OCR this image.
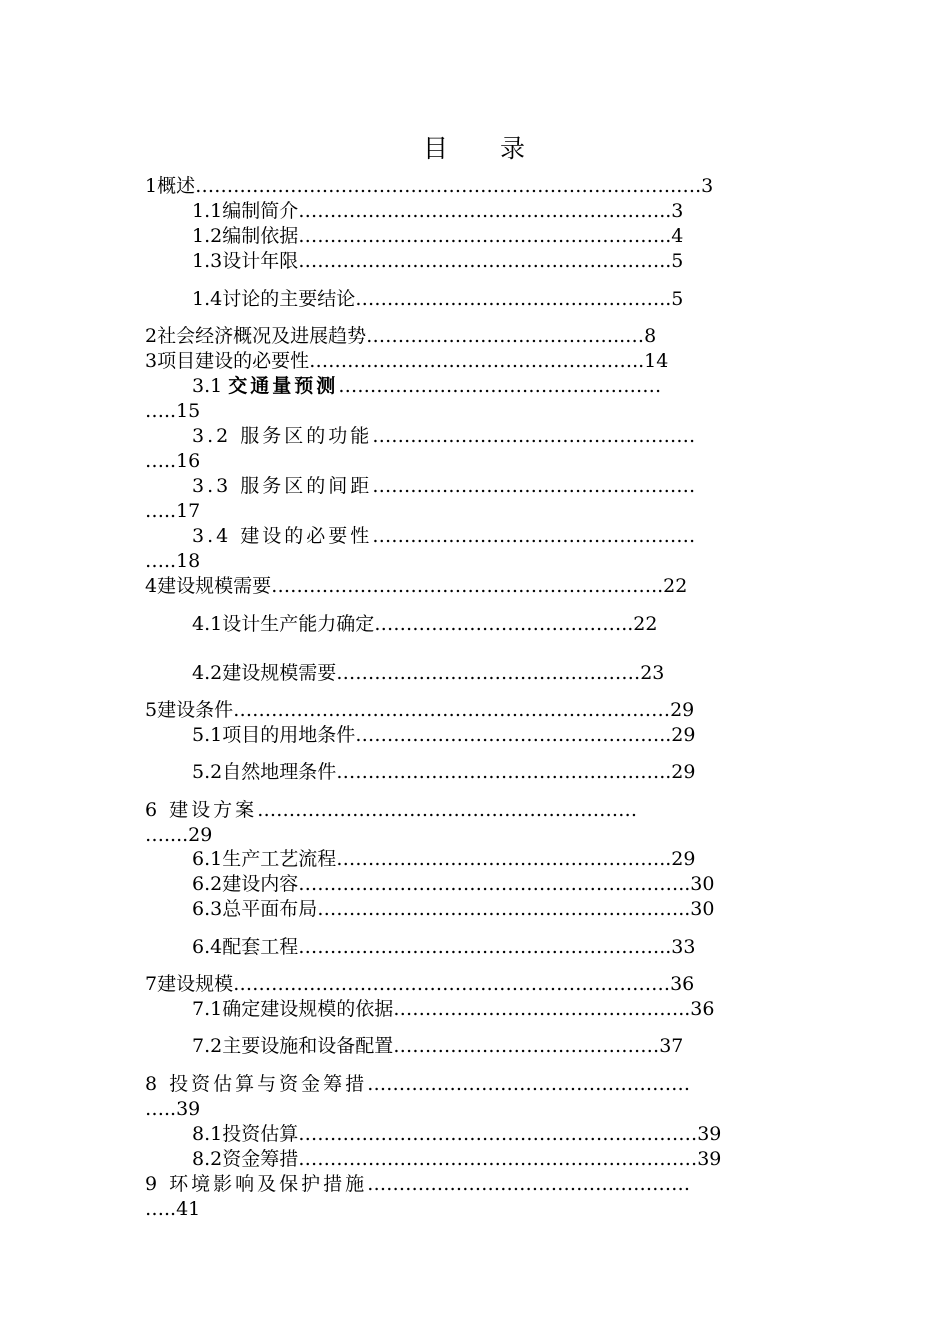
目 录
1概述………………………………………………………………….….3
1.1编制简介…………………………………………………..3
1.2编制依据…………………………………………………..4
1.3设计年限…………………………………………………..5
1.4讨论的主要结论…………………………………………..5
2社会经济概况及进展趋势…………………………………..…8
3项目建设的必要性……………………………………………..14
3.1 交通量预测……………………………………………
…..15
3.2 服务区的功能……………………………………………
…..16
3.3 服务区的间距……………………………………………
…..17
3.4 建设的必要性……………………………………………
…..18
4建设规模需要……………………………………………………..22
4.1设计生产能力确定…………………………………..22
4.2建设规模需要…………………………………………23
5建设条件……………………………………………………………29
5.1项目的用地条件…………………………………………..29
5.2自然地理条件……………………………………………..29
6 建设方案……………………………………………………
…....29
6.1生产工艺流程……………………………………………..29
6.2建设内容……………………………………………………..30
6.3总平面布局…………………………………………………..30
6.4配套工程…………………………………………………..33
7建设规模……………………………………………………………36
7.1确定建设规模的依据………………………………………..36
7.2主要设施和设备配置……………………………………37
8 投资估算与资金筹措……………………………………………
…..39
8.1投资估算………………………………………………………39
8.2资金筹措………………………………………………………39
9 环境影响及保护措施……………………………………………
…..41
